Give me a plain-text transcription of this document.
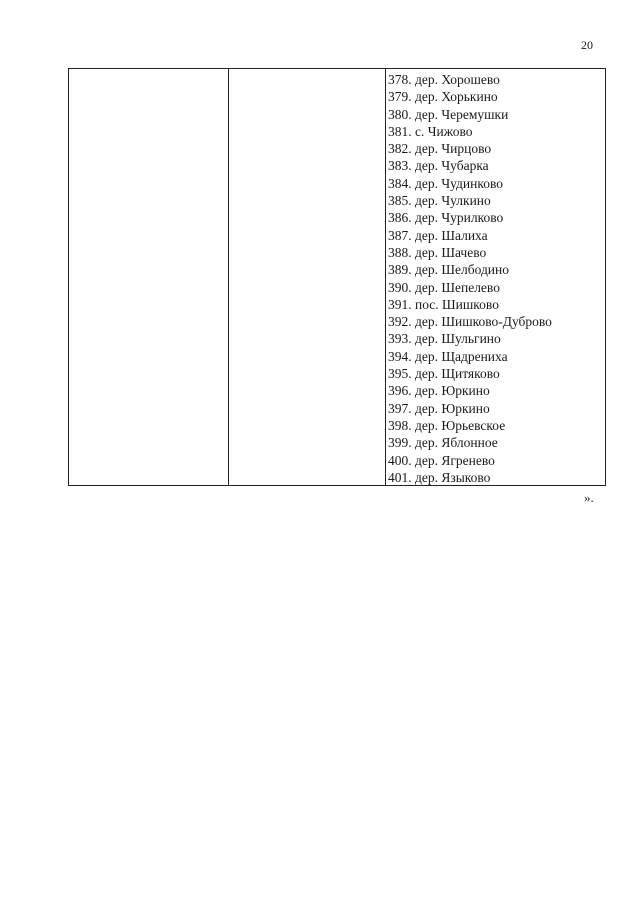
20
378. дер. Хорошево
379. дер. Хорькино
380. дер. Черемушки
381. с. Чижово
382. дер. Чирцово
383. дер. Чубарка
384. дер. Чудинково
385. дер. Чулкино
386. дер. Чурилково
387. дер. Шалиха
388. дер. Шачево
389. дер. Шелбодино
390. дер. Шепелево
391. пос. Шишково
392. дер. Шишково-Дуброво
393. дер. Шульгино
394. дер. Щадрениха
395. дер. Щитяково
396. дер. Юркино
397. дер. Юркино
398. дер. Юрьевское
399. дер. Яблонное
400. дер. Ягренево
401. дер. Языково
».
